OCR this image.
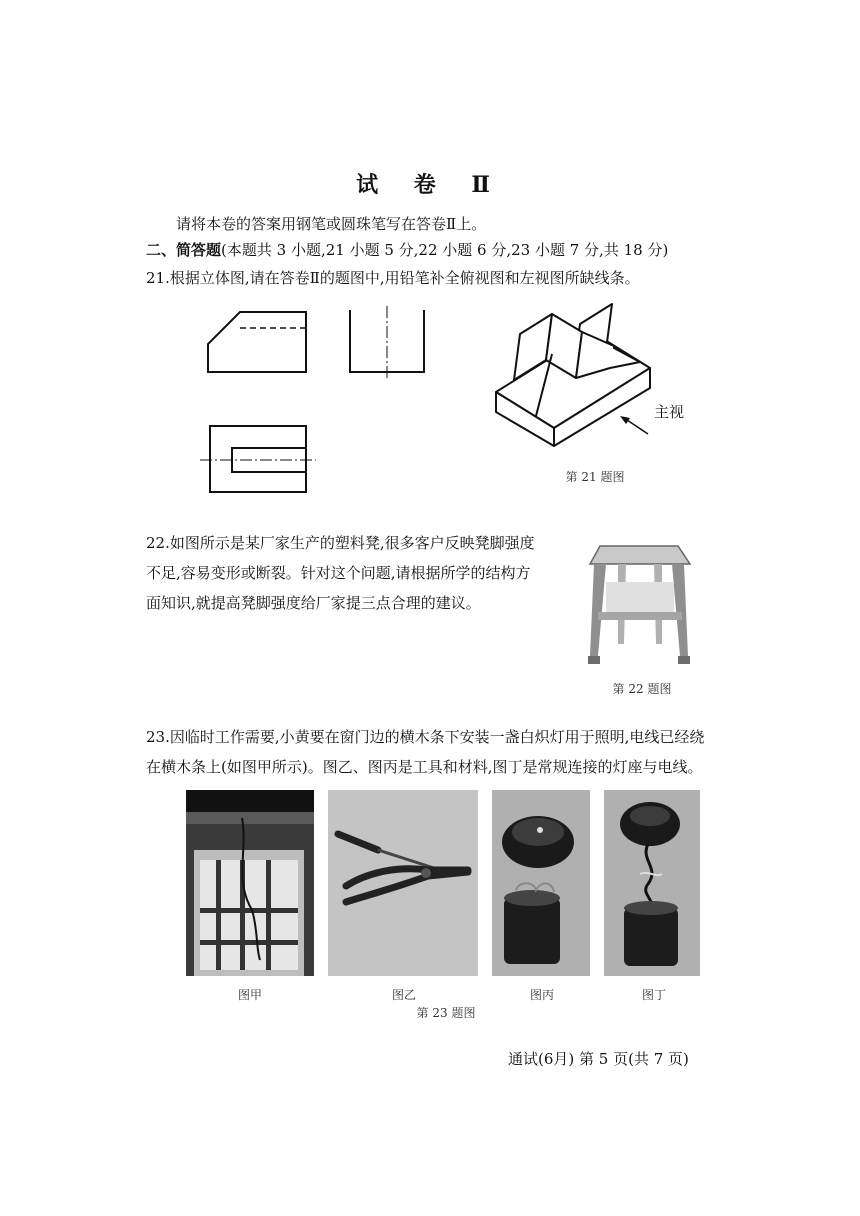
试 卷 Ⅱ
请将本卷的答案用钢笔或圆珠笔写在答卷Ⅱ上。
二、简答题(本题共 3 小题,21 小题 5 分,22 小题 6 分,23 小题 7 分,共 18 分)
21.根据立体图,请在答卷Ⅱ的题图中,用铅笔补全俯视图和左视图所缺线条。
主视
第 21 题图
22.如图所示是某厂家生产的塑料凳,很多客户反映凳脚强度不足,容易变形或断裂。针对这个问题,请根据所学的结构方面知识,就提高凳脚强度给厂家提三点合理的建议。
第 22 题图
23.因临时工作需要,小黄要在窗门边的横木条下安装一盏白炽灯用于照明,电线已经绕在横木条上(如图甲所示)。图乙、图丙是工具和材料,图丁是常规连接的灯座与电线。
图甲	图乙	图丙	图丁
第 23 题图
通试(6月) 第 5 页(共 7 页)
